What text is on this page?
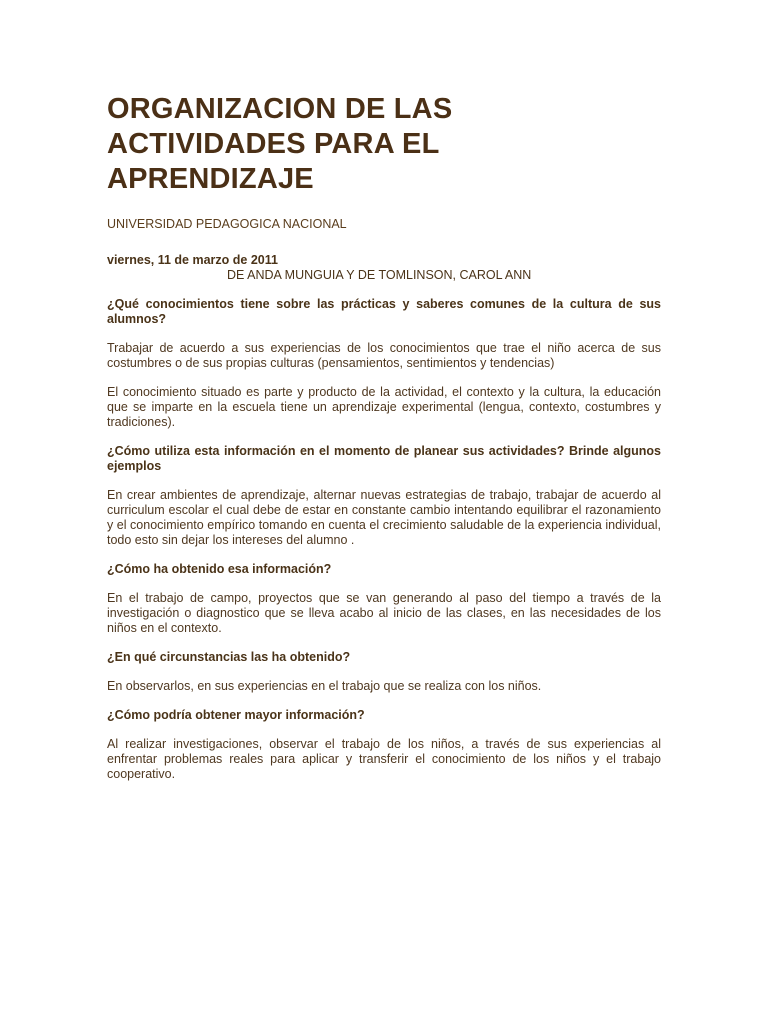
ORGANIZACION DE LAS
ACTIVIDADES PARA EL
APRENDIZAJE

UNIVERSIDAD PEDAGOGICA NACIONAL

viernes, 11 de marzo de 2011

DE ANDA MUNGUIA Y DE TOMLINSON, CAROL ANN

¿Qué conocimientos tiene sobre las prácticas y saberes comunes de la cultura de sus alumnos?

Trabajar de acuerdo a sus experiencias de los conocimientos que trae el niño acerca de sus costumbres o de sus propias culturas (pensamientos, sentimientos y tendencias)

El conocimiento situado es parte y producto de la actividad, el contexto y la cultura, la educación que se imparte en la escuela tiene un aprendizaje experimental (lengua, contexto, costumbres y tradiciones).

¿Cómo utiliza esta información en el momento de planear sus actividades? Brinde algunos ejemplos

En crear ambientes de aprendizaje, alternar nuevas estrategias de trabajo, trabajar de acuerdo al curriculum escolar el cual debe de estar en constante cambio intentando equilibrar el razonamiento y el conocimiento empírico tomando en cuenta el crecimiento saludable de la experiencia individual, todo esto sin dejar los intereses del alumno .

¿Cómo ha obtenido esa información?

En el trabajo de campo, proyectos que se van generando al paso del tiempo a través de la investigación o diagnostico que se lleva acabo al inicio de las clases, en las necesidades de los niños en el contexto.

¿En qué circunstancias las ha obtenido?

En observarlos, en sus experiencias en el trabajo que se realiza con los niños.

¿Cómo podría obtener mayor información?

Al realizar investigaciones, observar el trabajo de los niños, a través de sus experiencias al enfrentar problemas reales para aplicar y transferir el conocimiento de los niños y el trabajo cooperativo.
